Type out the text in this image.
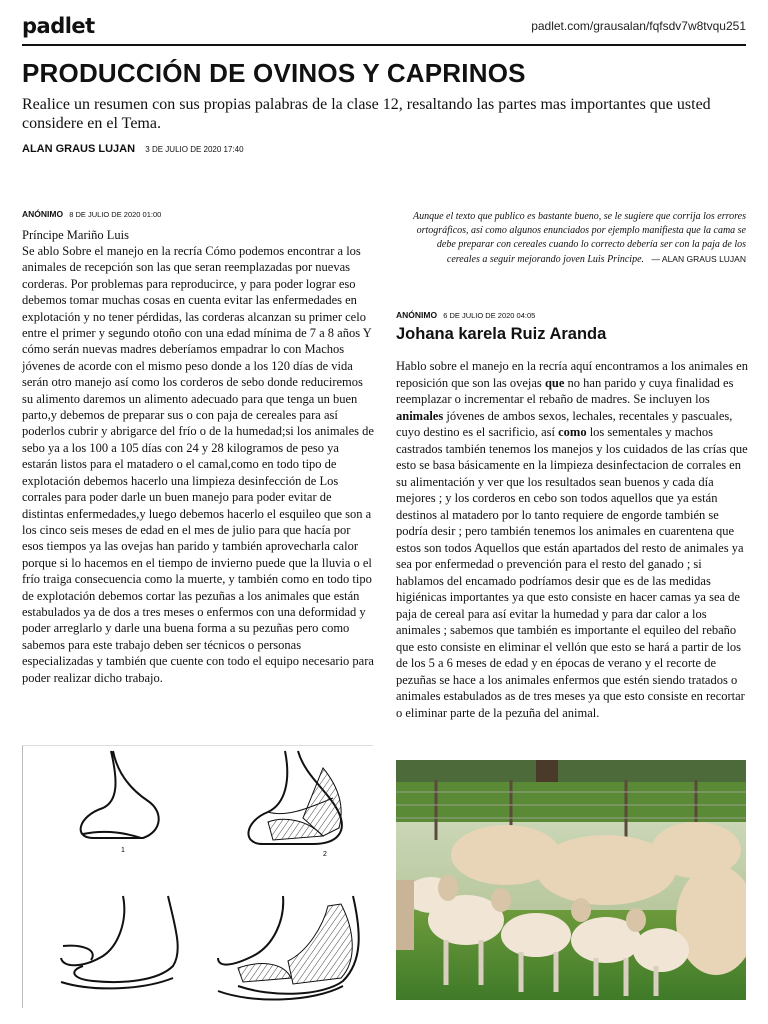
padlet	padlet.com/grausalan/fqfsdv7w8tvqu251
PRODUCCIÓN DE OVINOS Y CAPRINOS

Realice un resumen con sus propias palabras de la clase 12, resaltando las partes mas importantes que usted considere en el Tema.

ALAN GRAUS LUJAN 3 DE JULIO DE 2020 17:40
ANÓNIMO 8 DE JULIO DE 2020 01:00

Príncipe Mariño Luis

Se ablo Sobre el manejo en la recría Cómo podemos encontrar a los animales de recepción son las que seran reemplazadas por nuevas corderas. Por problemas para reproducirce, y para poder lograr eso debemos tomar muchas cosas en cuenta evitar las enfermedades en explotación y no tener pérdidas, las corderas alcanzan su primer celo entre el primer y segundo otoño con una edad mínima de 7 a 8 años Y cómo serán nuevas madres deberíamos empadrar lo con Machos jóvenes de acorde con el mismo peso donde a los 120 días de vida serán otro manejo así como los corderos de sebo donde reduciremos su alimento daremos un alimento adecuado para que tenga un buen parto,y debemos de preparar sus o con paja de cereales para así poderlos cubrir y abrigarce del frío o de la humedad;si los animales de sebo ya a los 100 a 105 días con 24 y 28 kilogramos de peso ya estarán listos para el matadero o el camal,como en todo tipo de explotación debemos hacerlo una limpieza desinfección de Los corrales para poder darle un buen manejo para poder evitar de distintas enfermedades,y luego debemos hacerlo el esquileo que son a los cinco seis meses de edad en el mes de julio para que hacía por esos tiempos ya las ovejas han parido y también aprovecharla calor porque si lo hacemos en el tiempo de invierno puede que la lluvia o el frío traiga consecuencia como la muerte, y también como en todo tipo de explotación debemos cortar las pezuñas a los animales que están estabulados ya de dos a tres meses o enfermos con una deformidad y poder arreglarlo y darle una buena forma a su pezuñas pero como sabemos para este trabajo deben ser técnicos o personas especializadas y también que cuente con todo el equipo necesario para poder realizar dicho trabajo.

Aunque el texto que publico es bastante bueno, se le sugiere que corrija los errores ortográficos, así como algunos enunciados por ejemplo manifiesta que la cama se debe preparar con cereales cuando lo correcto debería ser con la paja de los cereales a seguir mejorando joven Luis Principe. — ALAN GRAUS LUJAN
ANÓNIMO 6 DE JULIO DE 2020 04:05
Johana karela Ruiz Aranda

Hablo sobre el manejo en la recría aquí encontramos a los animales en reposición que son las ovejas que no han parido y cuya finalidad es reemplazar o incrementar el rebaño de madres. Se incluyen los animales jóvenes de ambos sexos, lechales, recentales y pascuales, cuyo destino es el sacrificio, así como los sementales y machos castrados también tenemos los manejos y los cuidados de las crías que esto se basa básicamente en la limpieza desinfectacion de corrales en su alimentación y ver que los resultados sean buenos y cada día mejores ; y los corderos en cebo son todos aquellos que ya están destinos al matadero por lo tanto requiere de engorde también se podría desir ; pero también tenemos los animales en cuarentena que estos son todos Aquellos que están apartados del resto de animales ya sea por enfermedad o prevención para el resto del ganado ; si hablamos del encamado podríamos desir que es de las medidas higiénicas importantes ya que esto consiste en hacer camas ya sea de paja de cereal para así evitar la humedad y para dar calor a los animales ; sabemos que también es importante el equileo del rebaño que esto consiste en eliminar el vellón que esto se hará a partir de los de los 5 a 6 meses de edad y en épocas de verano y el recorte de pezuñas se hace a los animales enfermos que estén siendo tratados o animales estabulados as de tres meses ya que esto consiste en recortar o eliminar parte de la pezuña del animal.

1
2
